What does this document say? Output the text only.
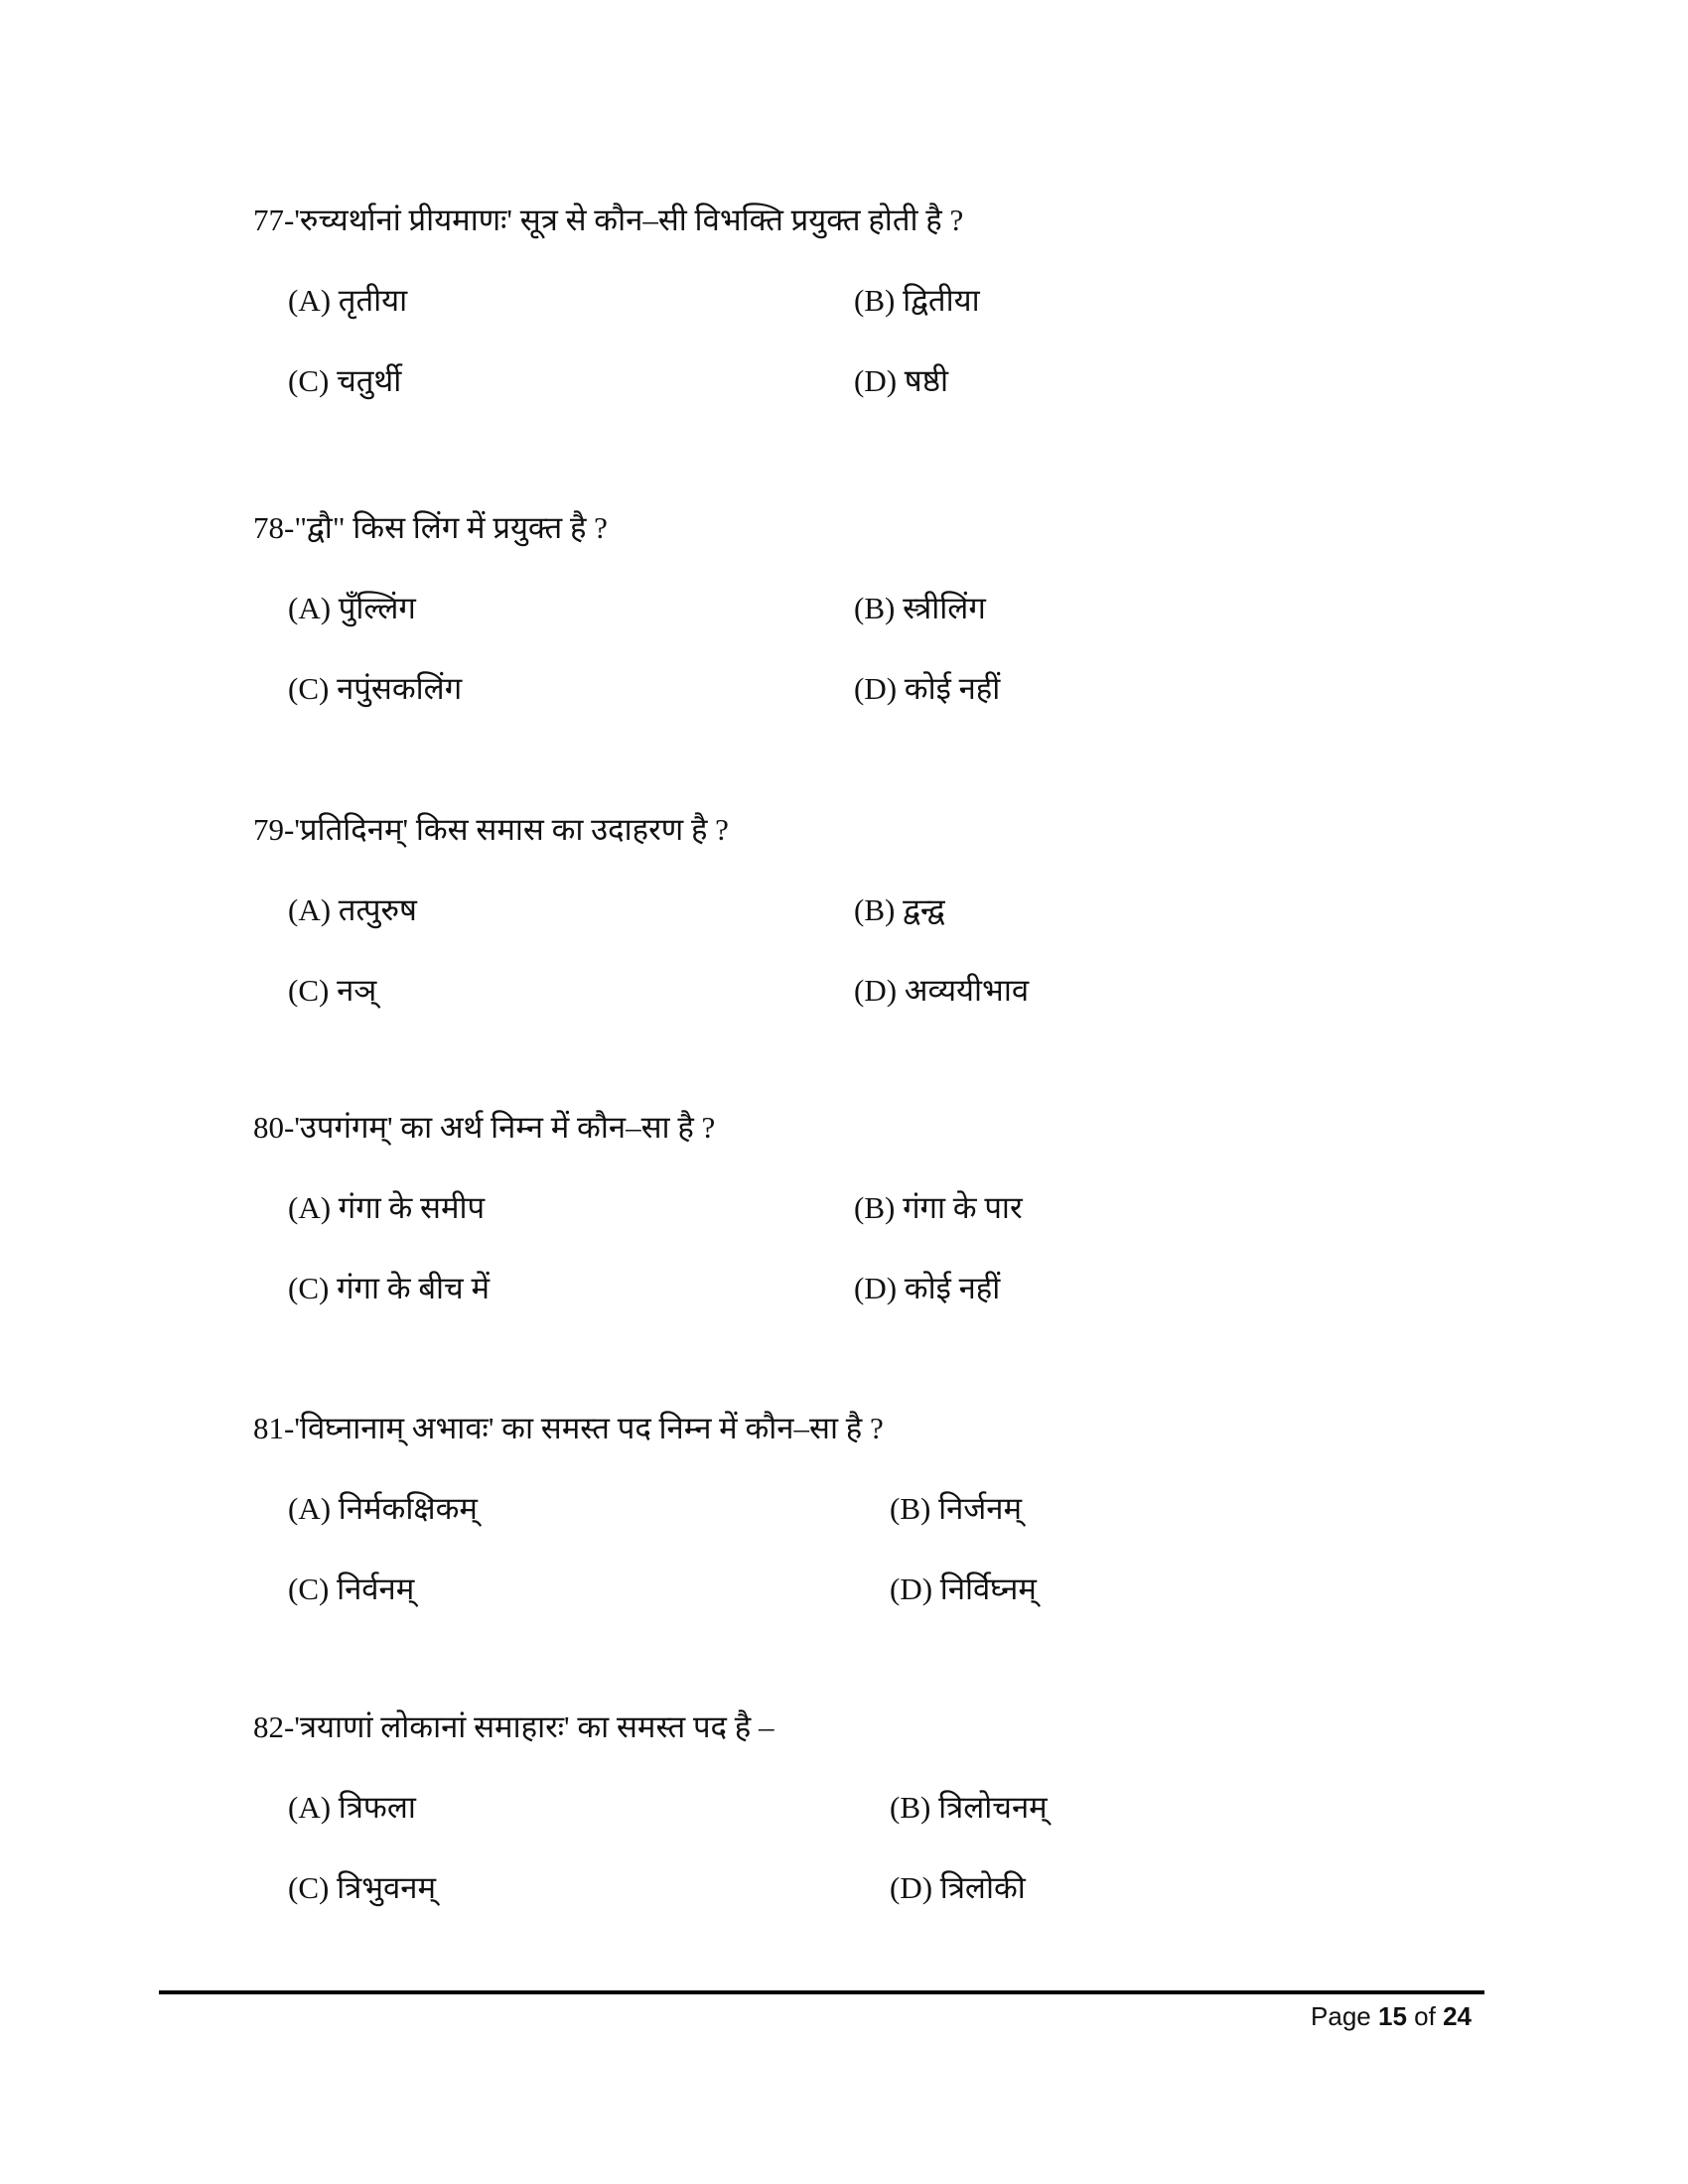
77-'रुच्यर्थानां प्रीयमाणः' सूत्र से कौन–सी विभक्ति प्रयुक्त होती है ?
(A) तृतीया	(B) द्वितीया
(C) चतुर्थी	(D) षष्ठी
78-"द्वौ" किस लिंग में प्रयुक्त है ?
(A) पुँल्लिंग	(B) स्त्रीलिंग
(C) नपुंसकलिंग	(D) कोई नहीं
79-'प्रतिदिनम्' किस समास का उदाहरण है ?
(A) तत्पुरुष	(B) द्वन्द्व
(C) नञ्	(D) अव्ययीभाव
80-'उपगंगम्' का अर्थ निम्न में कौन–सा है ?
(A) गंगा के समीप	(B) गंगा के पार
(C) गंगा के बीच में	(D) कोई नहीं
81-'विघ्नानाम् अभावः' का समस्त पद निम्न में कौन–सा है ?
(A) निर्मकक्षिकम्	(B) निर्जनम्
(C) निर्वनम्	(D) निर्विघ्नम्
82-'त्रयाणां लोकानां समाहारः' का समस्त पद है –
(A) त्रिफला	(B) त्रिलोचनम्
(C) त्रिभुवनम्	(D) त्रिलोकी
Page 15 of 24
